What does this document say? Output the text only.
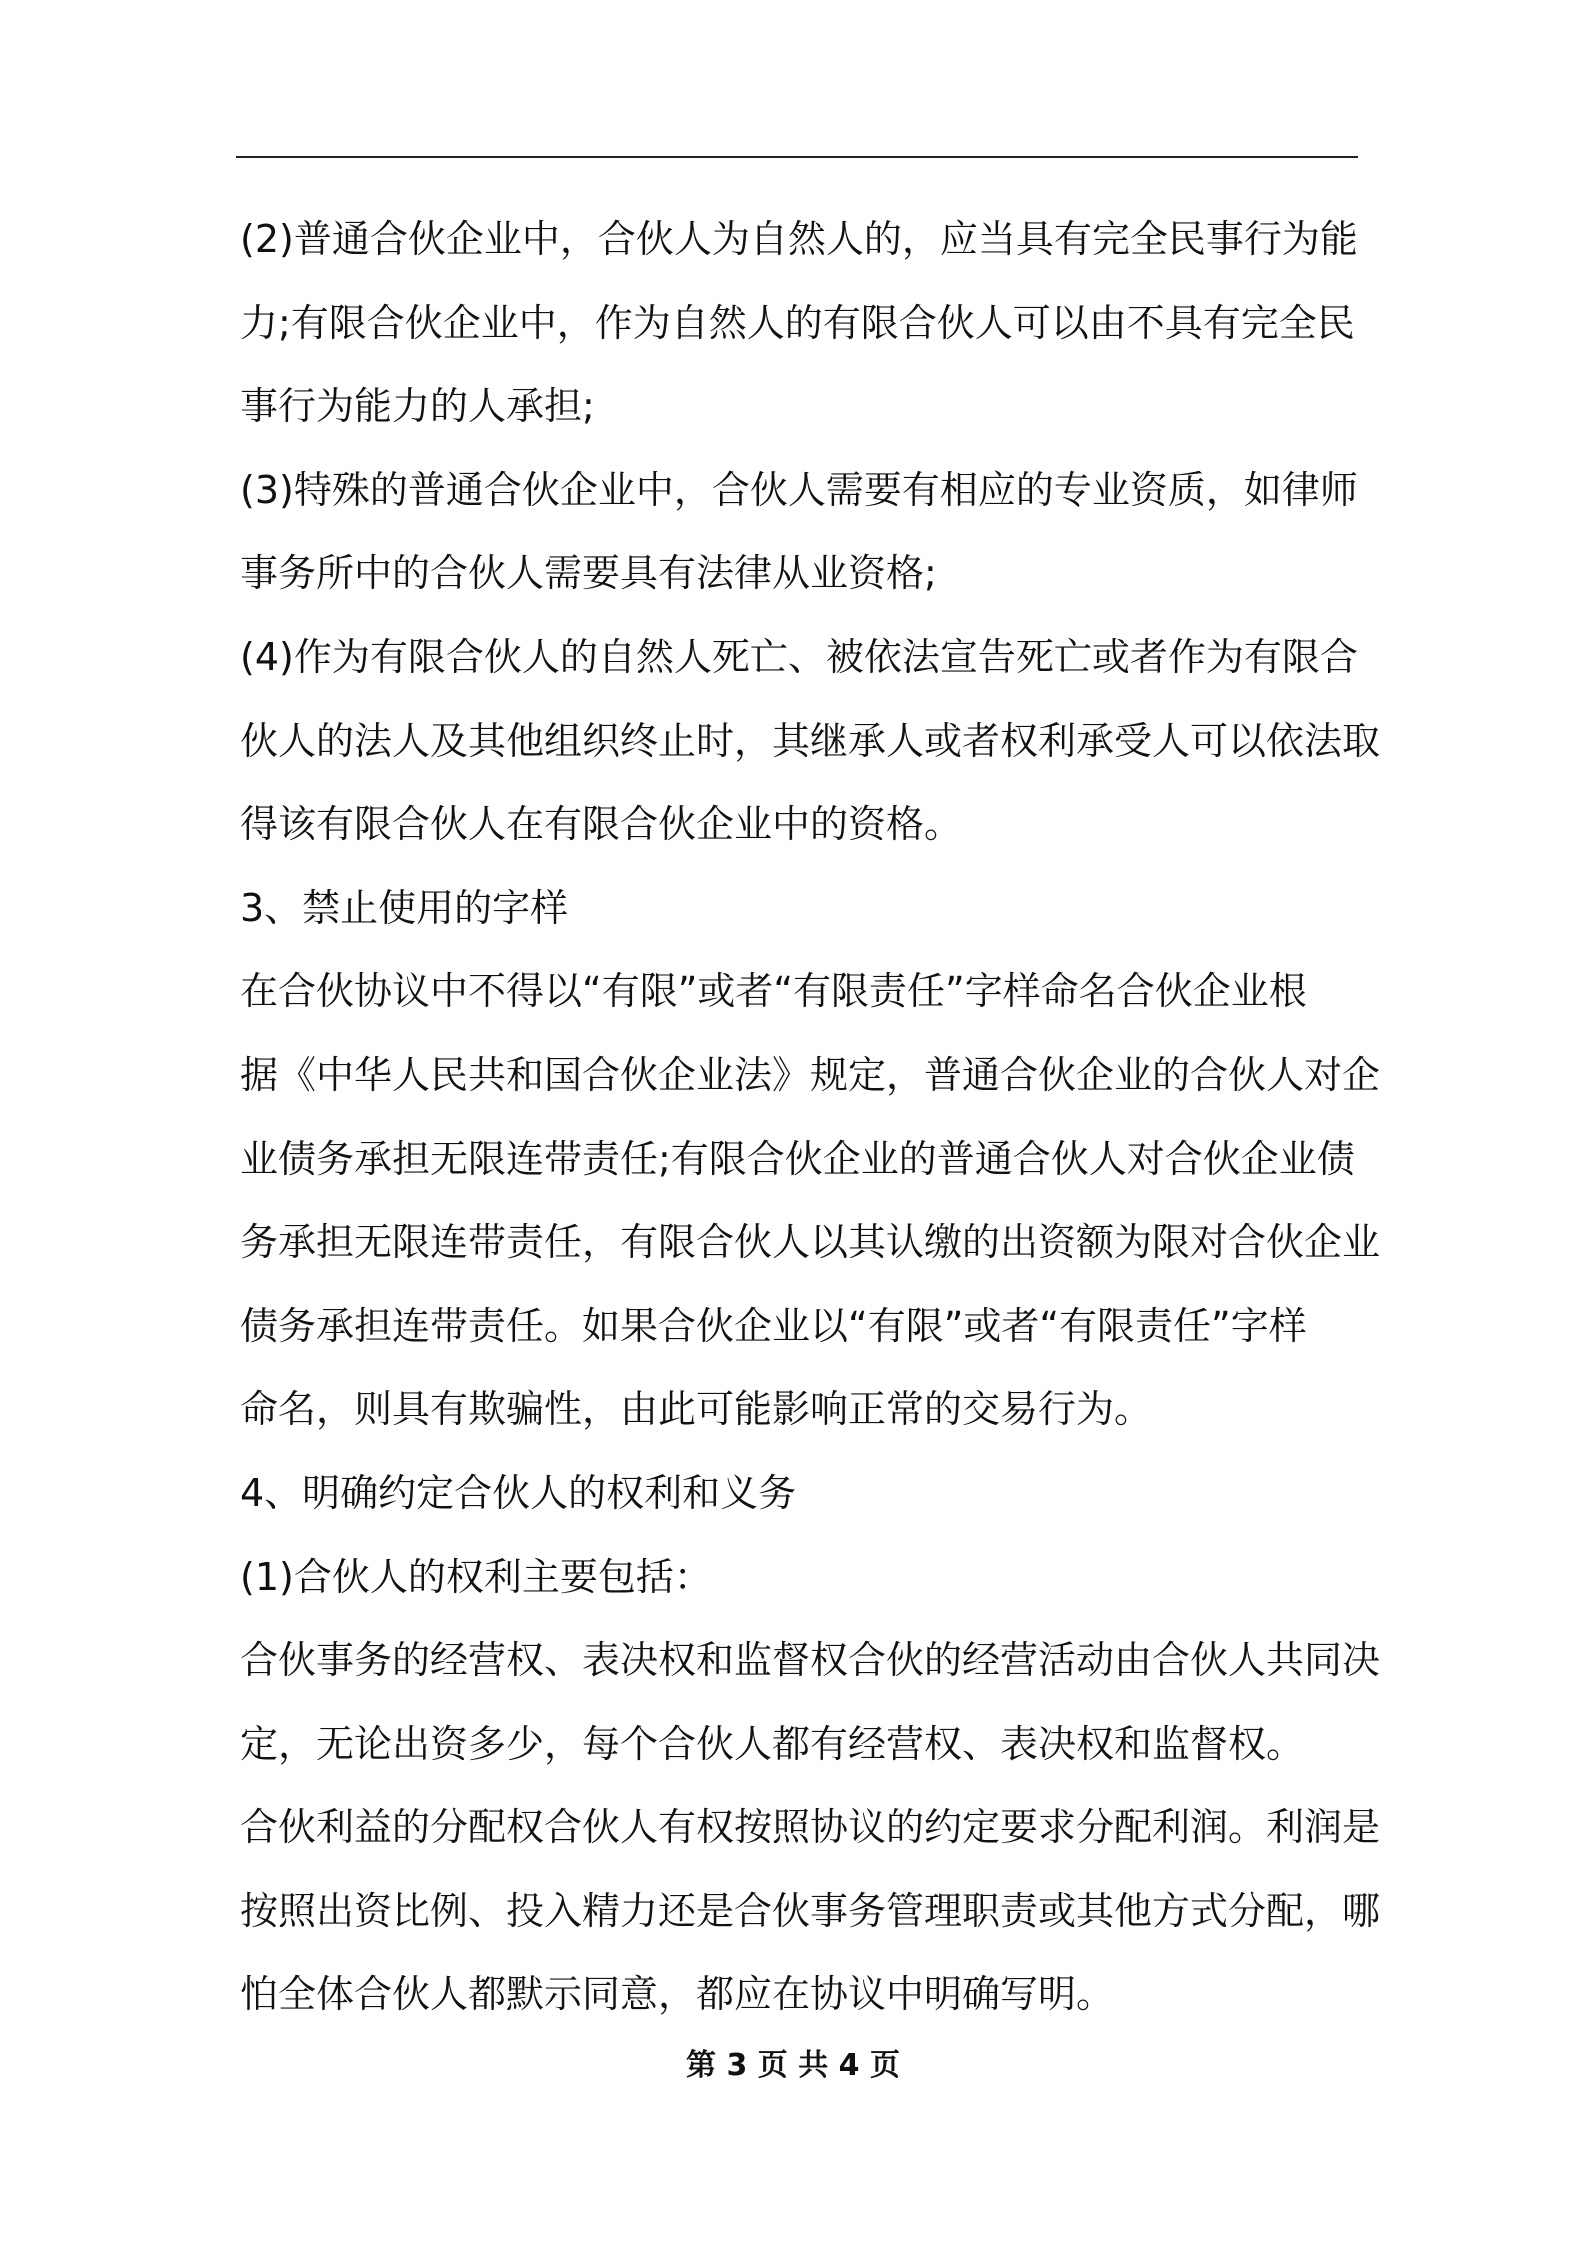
(2)普通合伙企业中，合伙人为自然人的，应当具有完全民事行为能
力;有限合伙企业中，作为自然人的有限合伙人可以由不具有完全民
事行为能力的人承担;
(3)特殊的普通合伙企业中，合伙人需要有相应的专业资质，如律师
事务所中的合伙人需要具有法律从业资格;
(4)作为有限合伙人的自然人死亡、被依法宣告死亡或者作为有限合
伙人的法人及其他组织终止时，其继承人或者权利承受人可以依法取
得该有限合伙人在有限合伙企业中的资格。
3、禁止使用的字样
在合伙协议中不得以“有限”或者“有限责任”字样命名合伙企业根
据《中华人民共和国合伙企业法》规定，普通合伙企业的合伙人对企
业债务承担无限连带责任;有限合伙企业的普通合伙人对合伙企业债
务承担无限连带责任，有限合伙人以其认缴的出资额为限对合伙企业
债务承担连带责任。如果合伙企业以“有限”或者“有限责任”字样
命名，则具有欺骗性，由此可能影响正常的交易行为。
4、明确约定合伙人的权利和义务
(1)合伙人的权利主要包括：
合伙事务的经营权、表决权和监督权合伙的经营活动由合伙人共同决
定，无论出资多少，每个合伙人都有经营权、表决权和监督权。
合伙利益的分配权合伙人有权按照协议的约定要求分配利润。利润是
按照出资比例、投入精力还是合伙事务管理职责或其他方式分配，哪
怕全体合伙人都默示同意，都应在协议中明确写明。
第 3 页 共 4 页
